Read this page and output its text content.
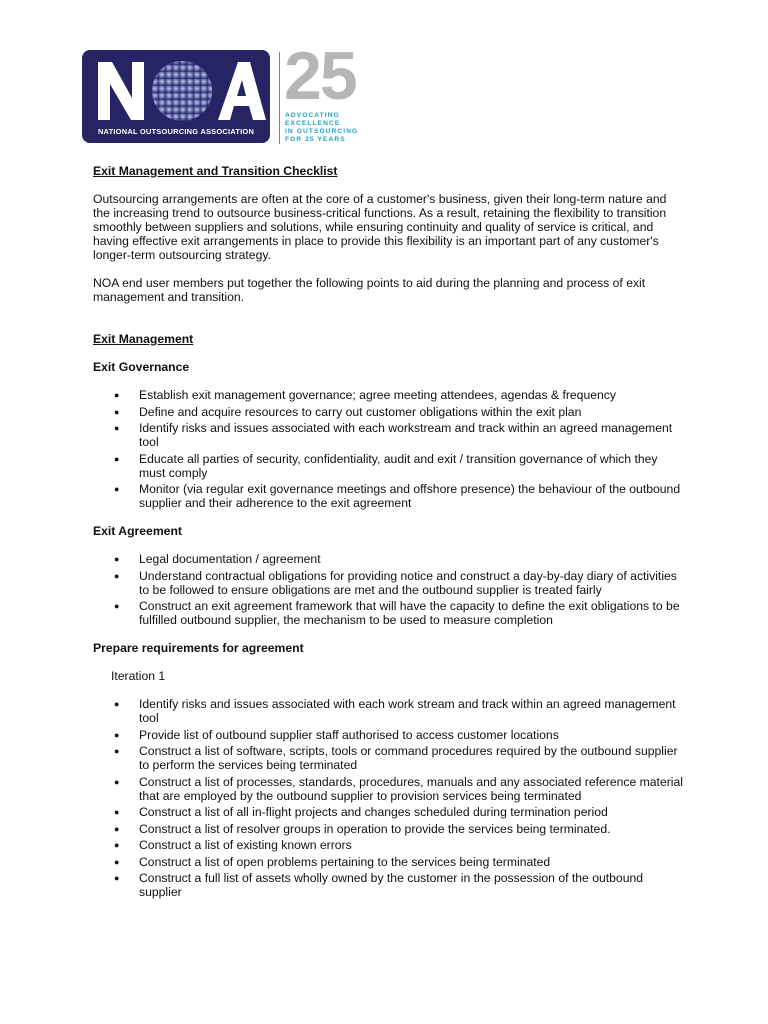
NATIONAL OUTSOURCING ASSOCIATION
25
ADVOCATING
EXCELLENCE
IN OUTSOURCING
FOR 25 YEARS
Exit Management and Transition Checklist

Outsourcing arrangements are often at the core of a customer's business, given their long-term nature and the increasing trend to outsource business-critical functions. As a result, retaining the flexibility to transition smoothly between suppliers and solutions, while ensuring continuity and quality of service is critical, and having effective exit arrangements in place to provide this flexibility is an important part of any customer's longer-term outsourcing strategy.

NOA end user members put together the following points to aid during the planning and process of exit management and transition.

Exit Management
Exit Governance
● Establish exit management governance; agree meeting attendees, agendas & frequency
● Define and acquire resources to carry out customer obligations within the exit plan
● Identify risks and issues associated with each workstream and track within an agreed management tool
● Educate all parties of security, confidentiality, audit and exit / transition governance of which they must comply
● Monitor (via regular exit governance meetings and offshore presence) the behaviour of the outbound supplier and their adherence to the exit agreement
Exit Agreement
● Legal documentation / agreement
● Understand contractual obligations for providing notice and construct a day-by-day diary of activities to be followed to ensure obligations are met and the outbound supplier is treated fairly
● Construct an exit agreement framework that will have the capacity to define the exit obligations to be fulfilled outbound supplier, the mechanism to be used to measure completion
Prepare requirements for agreement
Iteration 1
● Identify risks and issues associated with each work stream and track within an agreed management tool
● Provide list of outbound supplier staff authorised to access customer locations
● Construct a list of software, scripts, tools or command procedures required by the outbound supplier to perform the services being terminated
● Construct a list of processes, standards, procedures, manuals and any associated reference material that are employed by the outbound supplier to provision services being terminated
● Construct a list of all in-flight projects and changes scheduled during termination period
● Construct a list of resolver groups in operation to provide the services being terminated.
● Construct a list of existing known errors
● Construct a list of open problems pertaining to the services being terminated
● Construct a full list of assets wholly owned by the customer in the possession of the outbound supplier
